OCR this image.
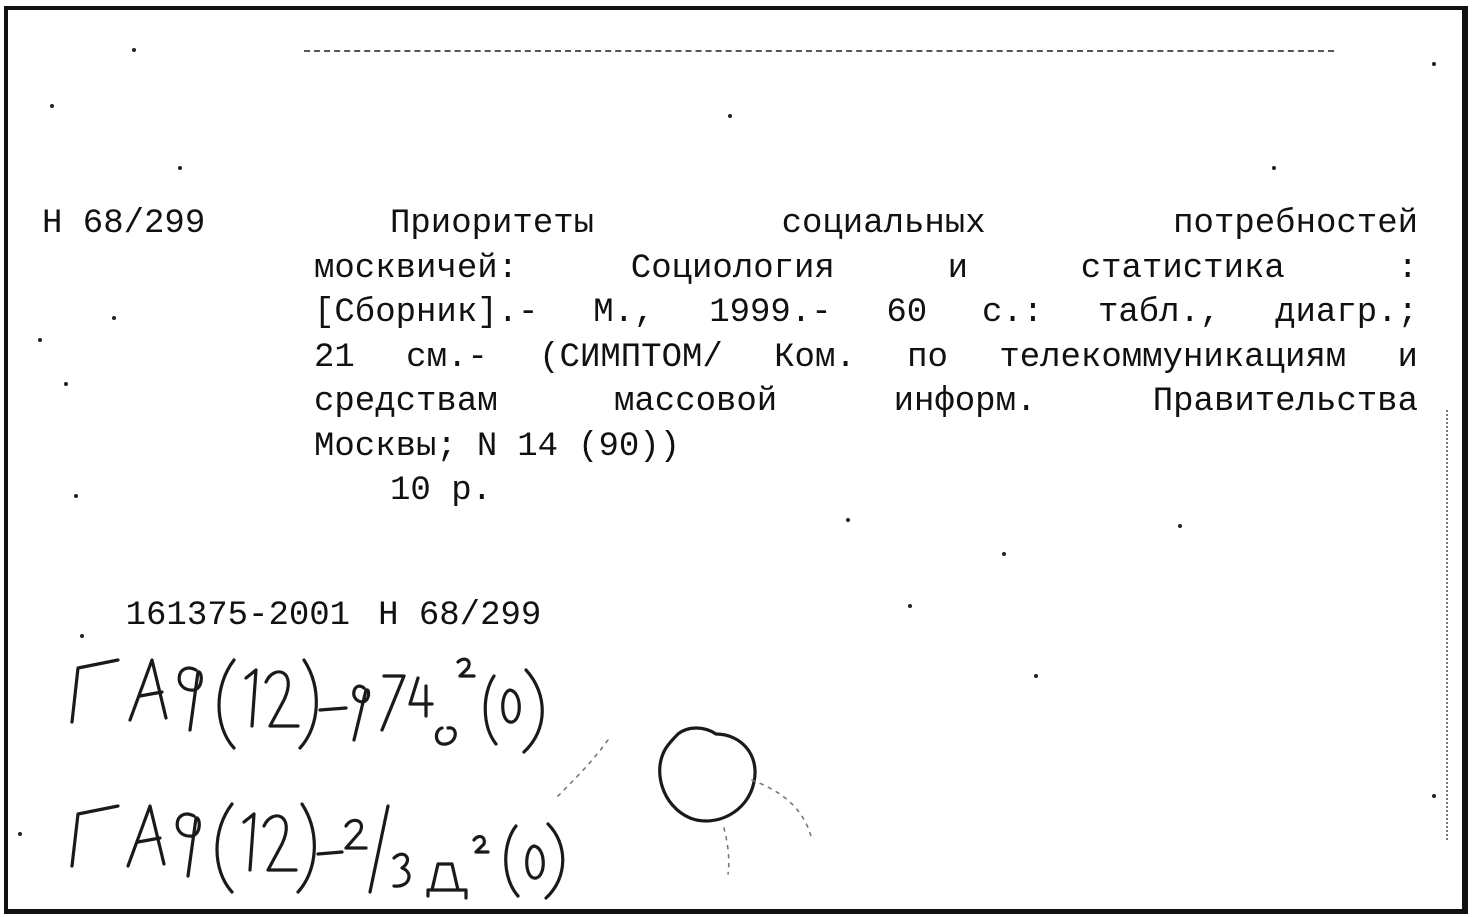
Н 68/299	Приоритеты	социальных	потребностей
москвичей:	Социология	и	статистика	:
[Сборник].- М., 1999.- 60 с.: табл., диагр.;
21 см.- (СИМПТОМ/ Ком. по телекоммуникациям и
средствам	массовой	информ.	Правительства
Москвы; N 14 (90))
10 р.

161375-2001 Н 68/299
